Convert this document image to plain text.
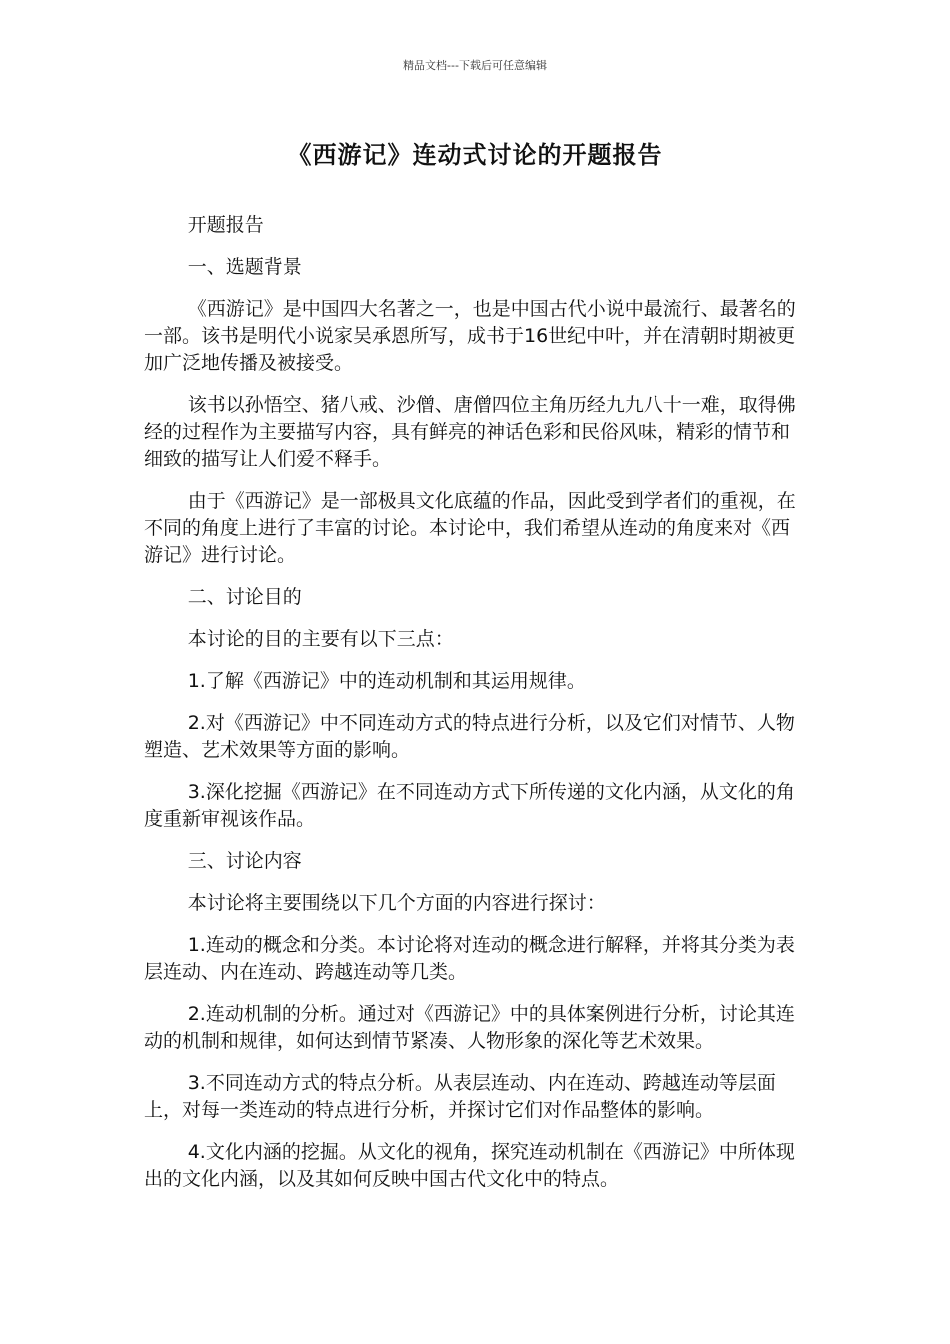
精品文档---下载后可任意编辑
《西游记》连动式讨论的开题报告

开题报告

一、选题背景

《西游记》是中国四大名著之一，也是中国古代小说中最流行、最著名的一部。该书是明代小说家吴承恩所写，成书于16世纪中叶，并在清朝时期被更加广泛地传播及被接受。

该书以孙悟空、猪八戒、沙僧、唐僧四位主角历经九九八十一难，取得佛经的过程作为主要描写内容，具有鲜亮的神话色彩和民俗风味，精彩的情节和细致的描写让人们爱不释手。

由于《西游记》是一部极具文化底蕴的作品，因此受到学者们的重视，在不同的角度上进行了丰富的讨论。本讨论中，我们希望从连动的角度来对《西游记》进行讨论。

二、讨论目的

本讨论的目的主要有以下三点：

1.了解《西游记》中的连动机制和其运用规律。

2.对《西游记》中不同连动方式的特点进行分析，以及它们对情节、人物塑造、艺术效果等方面的影响。

3.深化挖掘《西游记》在不同连动方式下所传递的文化内涵，从文化的角度重新审视该作品。

三、讨论内容

本讨论将主要围绕以下几个方面的内容进行探讨：

1.连动的概念和分类。本讨论将对连动的概念进行解释，并将其分类为表层连动、内在连动、跨越连动等几类。

2.连动机制的分析。通过对《西游记》中的具体案例进行分析，讨论其连动的机制和规律，如何达到情节紧凑、人物形象的深化等艺术效果。

3.不同连动方式的特点分析。从表层连动、内在连动、跨越连动等层面上，对每一类连动的特点进行分析，并探讨它们对作品整体的影响。

4.文化内涵的挖掘。从文化的视角，探究连动机制在《西游记》中所体现出的文化内涵，以及其如何反映中国古代文化中的特点。
